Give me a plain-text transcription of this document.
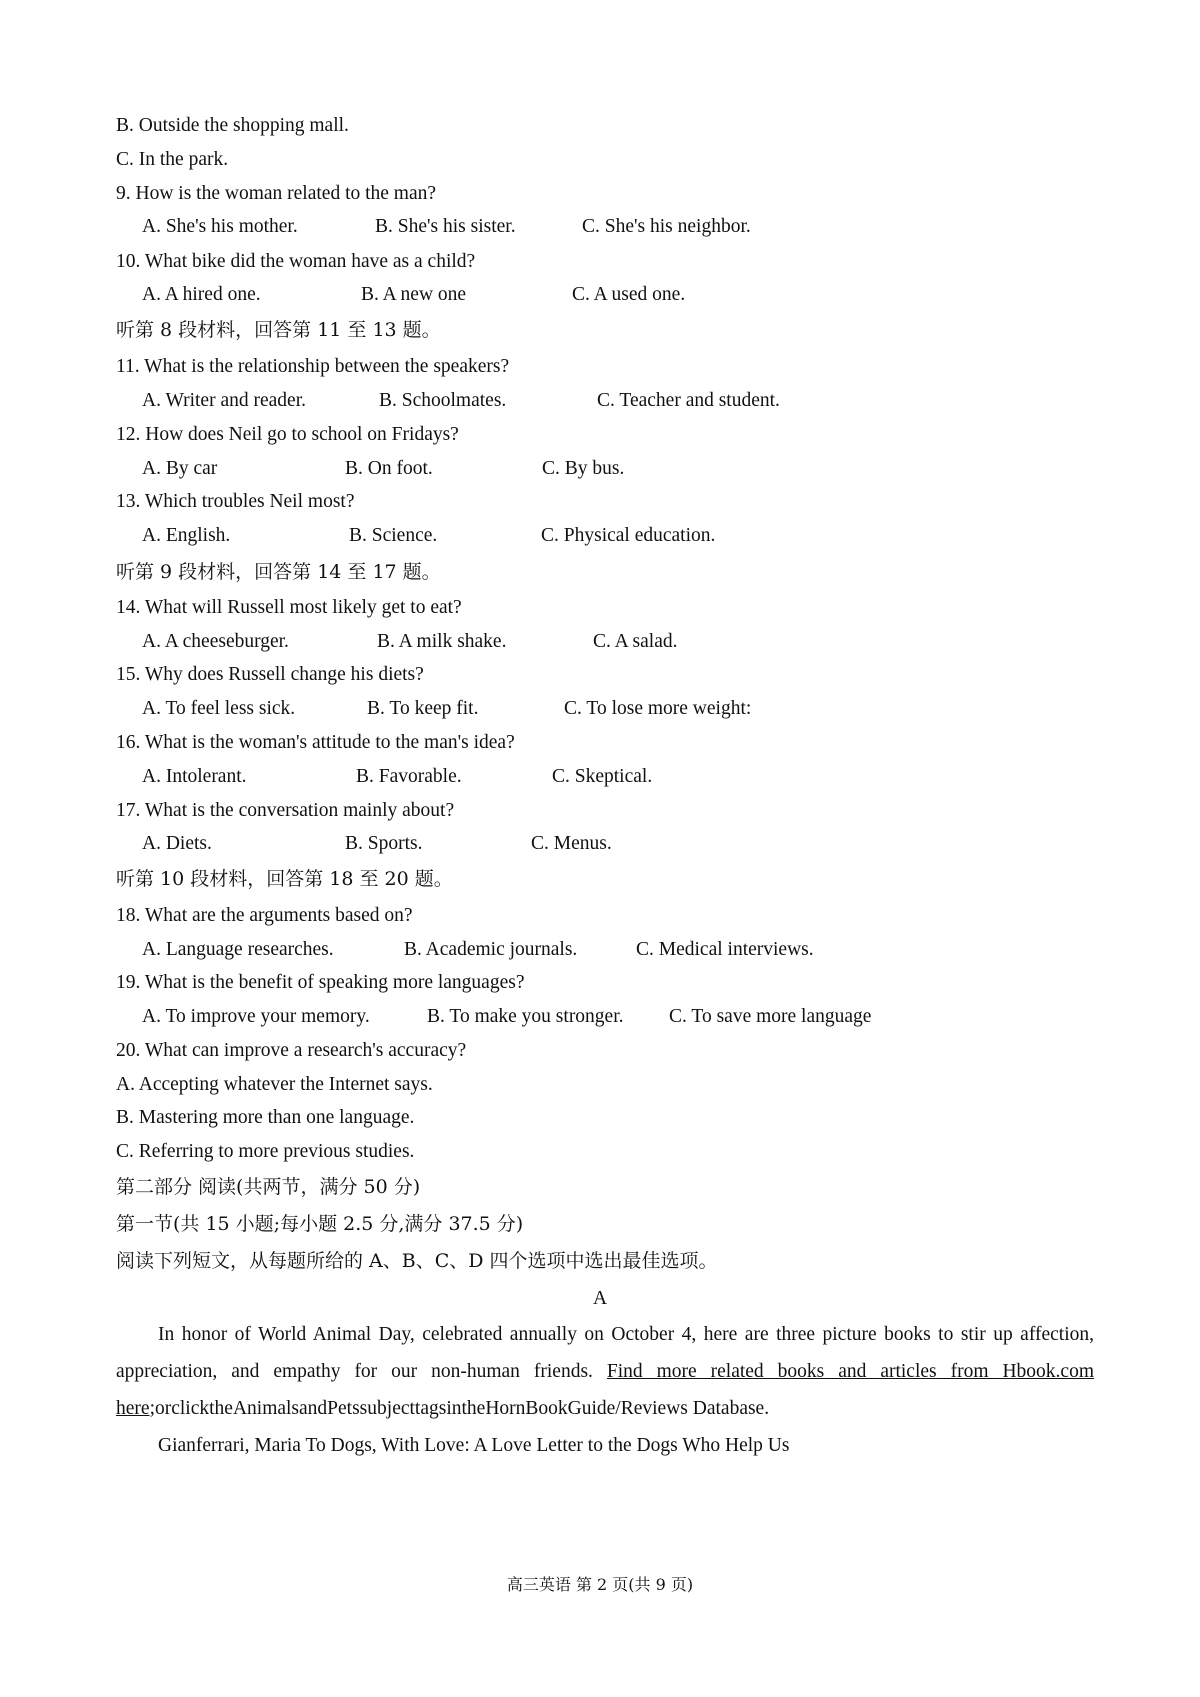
B. Outside the shopping mall.
C. In the park.
9. How is the woman related to the man?
A. She's his mother.	B. She's his sister.	C. She's his neighbor.
10. What bike did the woman have as a child?
A. A hired one.	B. A new one	C. A used one.
听第 8 段材料，回答第 11 至 13 题。
11. What is the relationship between the speakers?
A. Writer and reader.	B. Schoolmates.	C. Teacher and student.
12. How does Neil go to school on Fridays?
A. By car	B. On foot.	C. By bus.
13. Which troubles Neil most?
A. English.	B. Science.	C. Physical education.
听第 9 段材料，回答第 14 至 17 题。
14. What will Russell most likely get to eat?
A. A cheeseburger.	B. A milk shake.	C. A salad.
15. Why does Russell change his diets?
A. To feel less sick.	B. To keep fit.	C. To lose more weight:
16. What is the woman's attitude to the man's idea?
A. Intolerant.	B. Favorable.	C. Skeptical.
17. What is the conversation mainly about?
A. Diets.	B. Sports.	C. Menus.
听第 10 段材料，回答第 18 至 20 题。
18. What are the arguments based on?
A. Language researches.	B. Academic journals.	C. Medical interviews.
19. What is the benefit of speaking more languages?
A. To improve your memory.	B. To make you stronger. C. To save more language
20. What can improve a research's accuracy?
A. Accepting whatever the Internet says.
B. Mastering more than one language.
C. Referring to more previous studies.
第二部分 阅读(共两节，满分 50 分)
第一节(共 15 小题;每小题 2.5 分,满分 37.5 分)
阅读下列短文，从每题所给的 A、B、C、D 四个选项中选出最佳选项。
A

In honor of World Animal Day, celebrated annually on October 4, here are three picture books to stir up affection, appreciation, and empathy for our non-human friends. Find more related books and articles from Hbook.com here;orclicktheAnimalsandPetssubjecttagsintheHornBookGuide/Reviews Database.

Gianferrari, Maria To Dogs, With Love: A Love Letter to the Dogs Who Help Us

高三英语 第 2 页(共 9 页)
